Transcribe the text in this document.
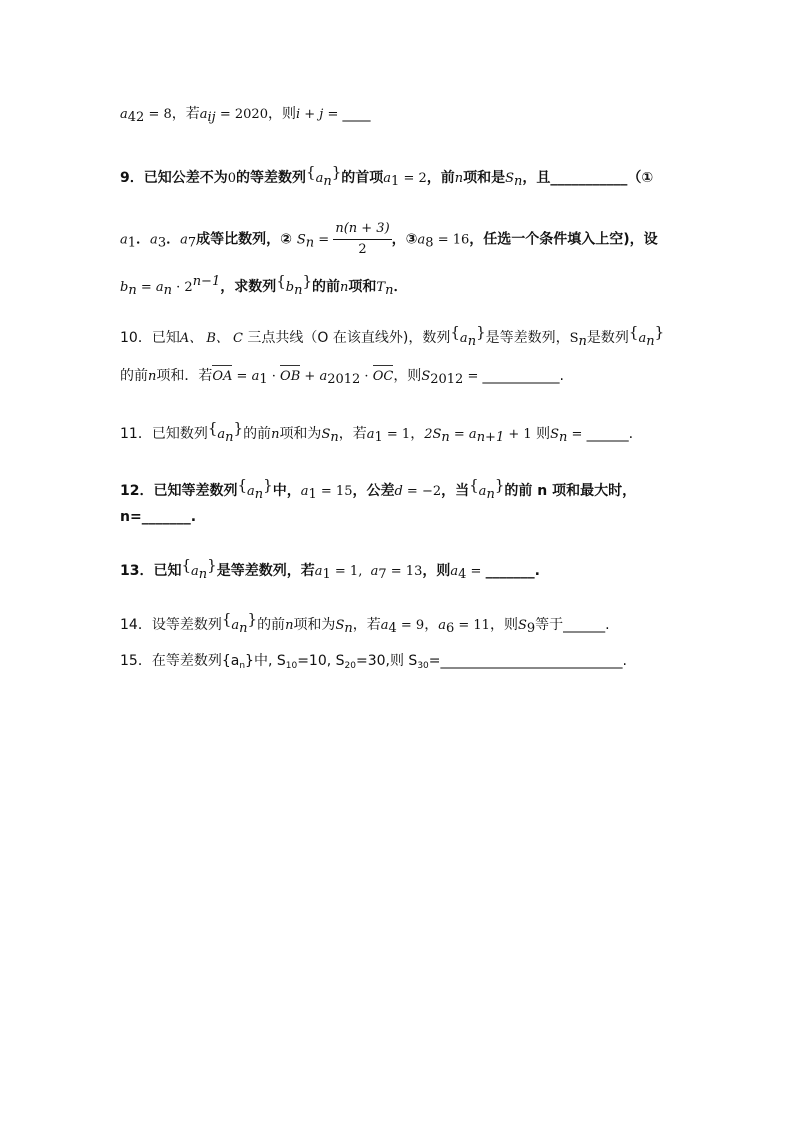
$a_{42} = 8$，若$a_{ij} = 2020$，则i + j = ____
9．已知公差不为0的等差数列$\{a_n\}$的首项$a_1 = 2$，前n项和是$S_n$，且___________（①
$a_1$．$a_3$．$a_7$成等比数列，② $S_n = \frac{n(n + 3)}{2}$ ，$③a_8 = 16$，任选一个条件填入上空)，设
$b_n = a_n \cdot 2^{n-1}$，求数列$\{b_n\}$的前n项和$T_n$．
10．已知A、 B、 C 三点共线（O 在该直线外)，数列$\{a_n\}$是等差数列，$S_n$是数列$\{a_n\}$
的前n项和．若OA = $a_1$ · OB + $a_{2012}$ · OC，则$S_{2012}$ = ___________.
11．已知数列$\{a_n\}$的前n项和为$S_n$，若$a_1 = 1$，$2S_n = a_{n+1} + 1$ 则$S_n$ = ______.
12．已知等差数列$\{a_n\}$中，$a_1 = 15$，公差d = −2，当$\{a_n\}$的前 n 项和最大时，
n=_______.
13．已知$\{a_n\}$是等差数列，若$a_1 = 1$, $a_7 = 13$，则$a_4$ = _______.
14．设等差数列$\{a_n\}$的前n项和为$S_n$，若$a_4 = 9$，$a_6 = 11$，则$S_9$等于______.
15．在等差数列$\{a_n\}$中, $S_{10}=10$, $S_{20}=30$,则 $S_{30}=\_\_\_\_\_\_\_\_\_\_\_\_\_\_\_\_\_\_\_\_\_\_\_\_\_\_$.
